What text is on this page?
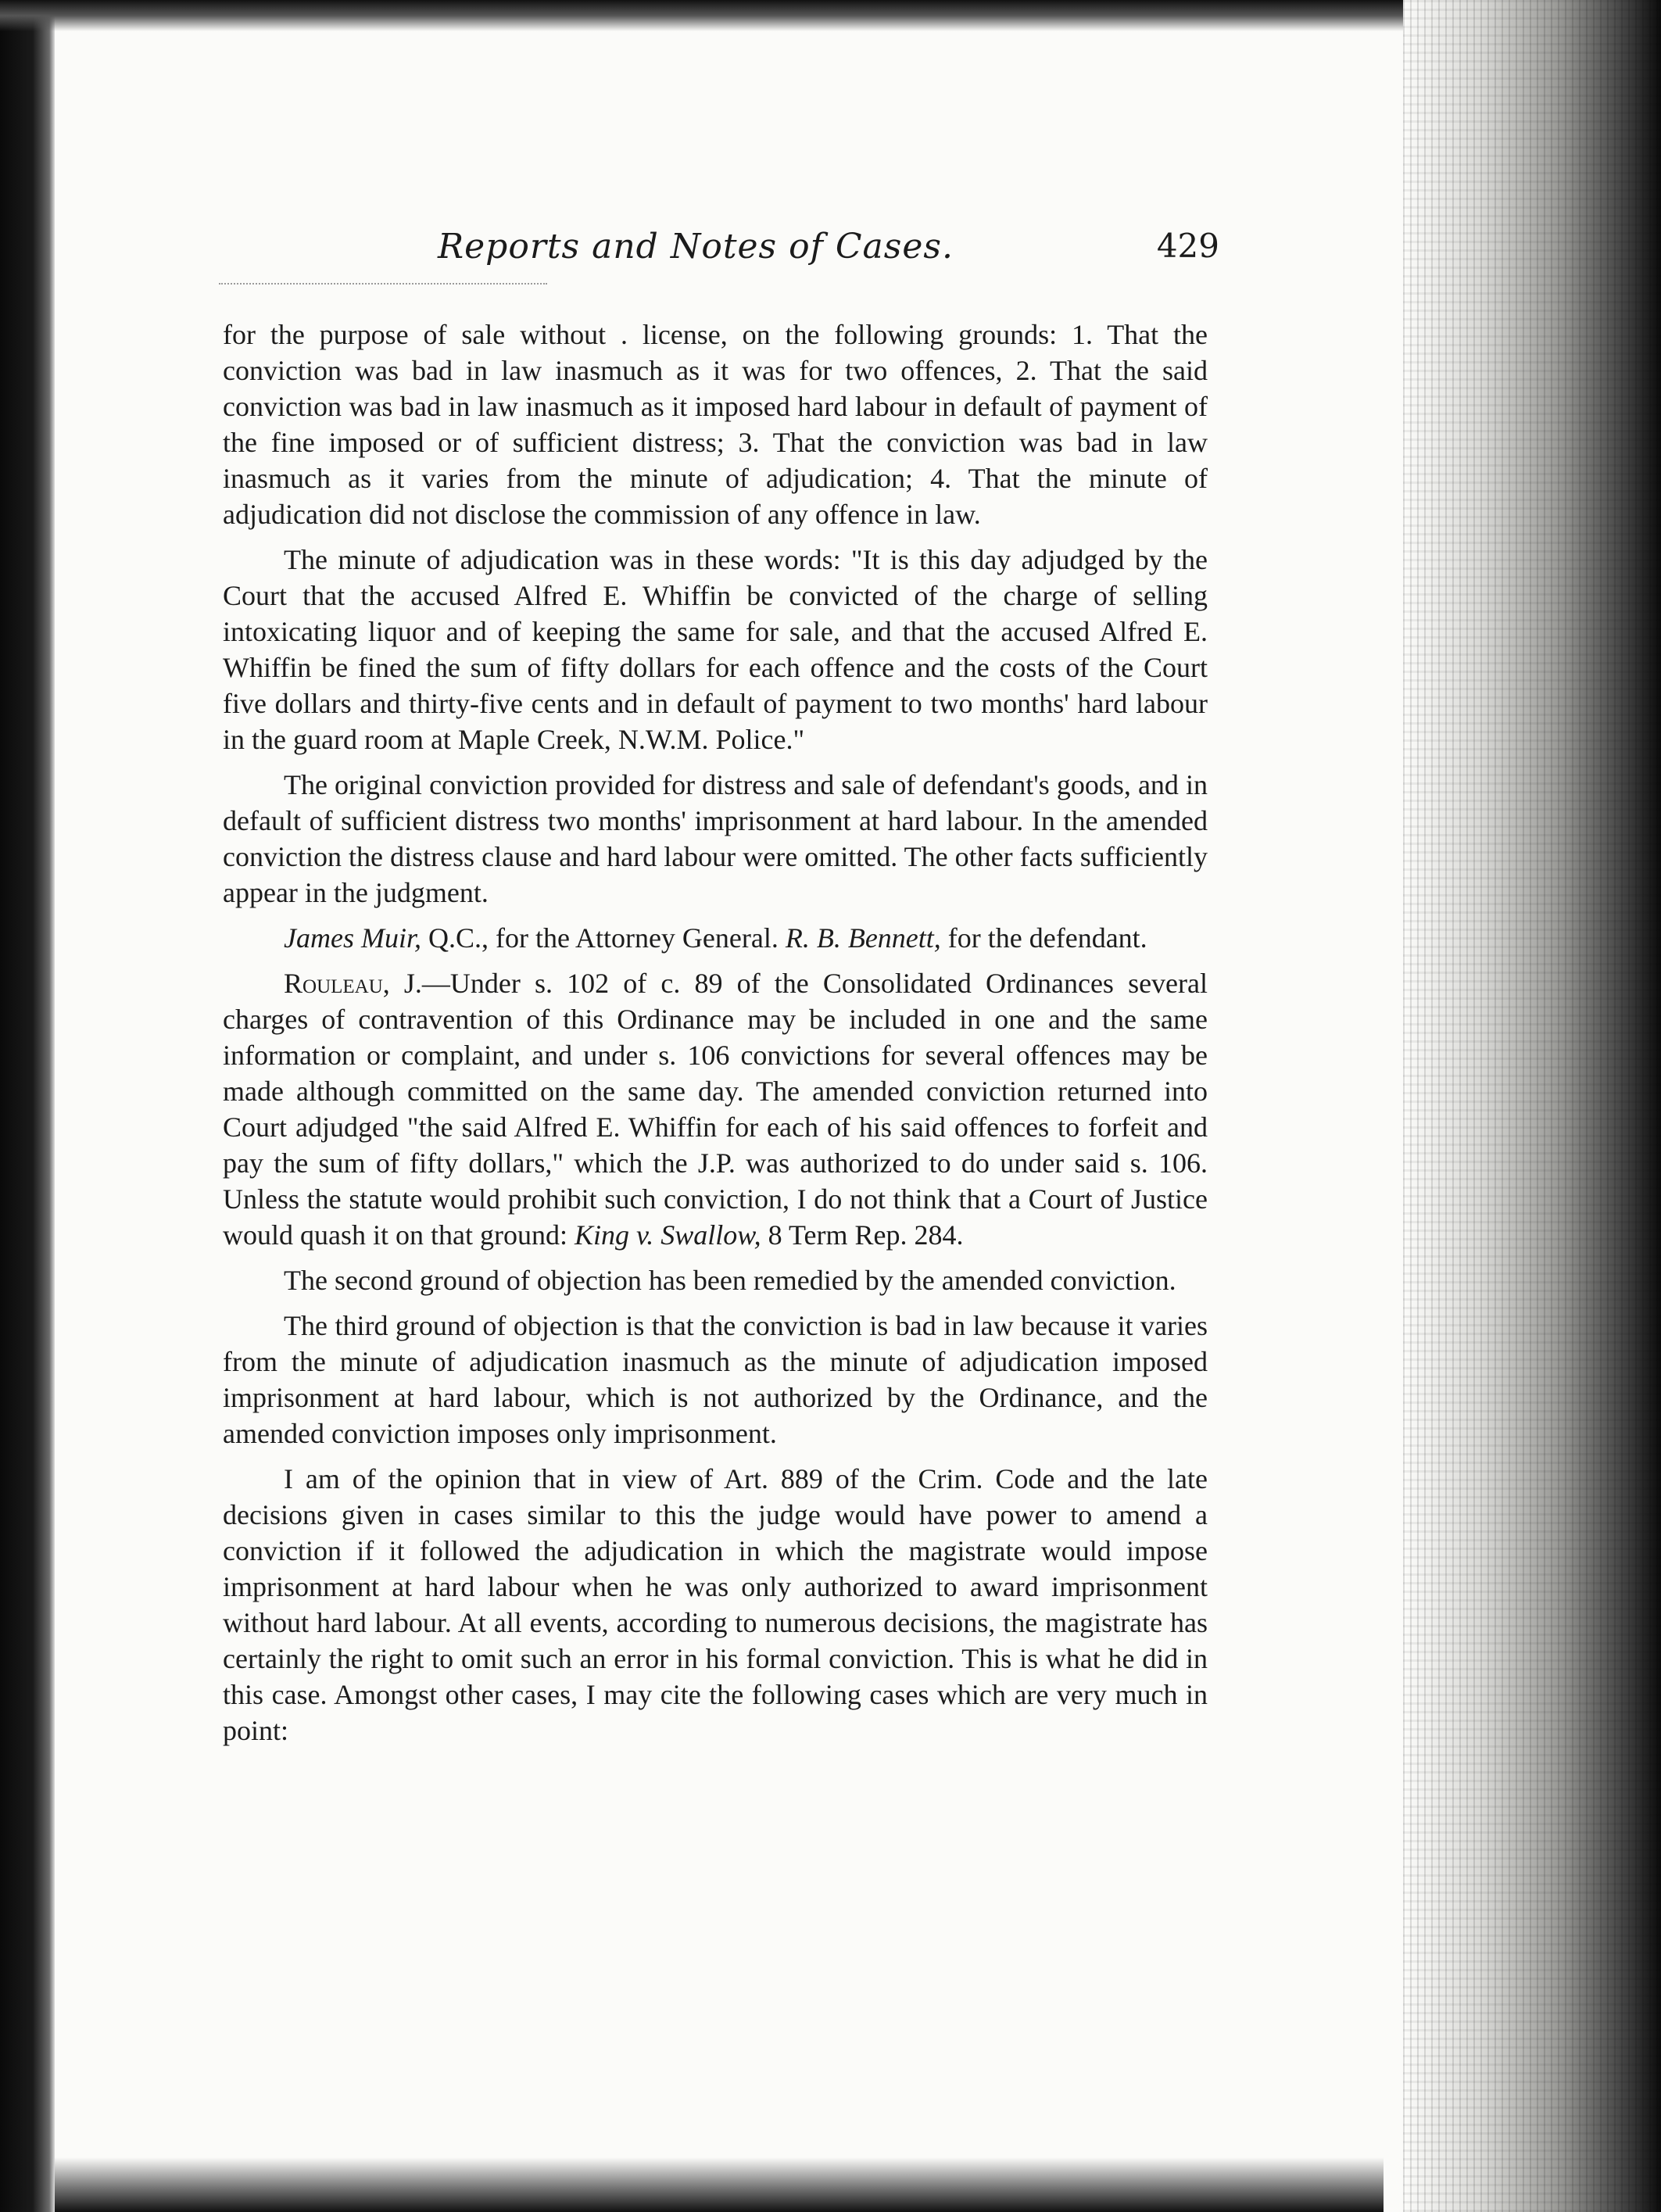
Reports and Notes of Cases.	429

for the purpose of sale without . license, on the following grounds: 1. That the conviction was bad in law inasmuch as it was for two offences, 2. That the said conviction was bad in law inasmuch as it imposed hard labour in default of payment of the fine imposed or of sufficient distress; 3. That the conviction was bad in law inasmuch as it varies from the minute of adjudication; 4. That the minute of adjudication did not disclose the commission of any offence in law.

The minute of adjudication was in these words: "It is this day adjudged by the Court that the accused Alfred E. Whiffin be convicted of the charge of selling intoxicating liquor and of keeping the same for sale, and that the accused Alfred E. Whiffin be fined the sum of fifty dollars for each offence and the costs of the Court five dollars and thirty-five cents and in default of payment to two months' hard labour in the guard room at Maple Creek, N.W.M. Police."

The original conviction provided for distress and sale of defendant's goods, and in default of sufficient distress two months' imprisonment at hard labour. In the amended conviction the distress clause and hard labour were omitted. The other facts sufficiently appear in the judgment.

James Muir, Q.C., for the Attorney General. R. B. Bennett, for the defendant.

Rouleau, J.—Under s. 102 of c. 89 of the Consolidated Ordinances several charges of contravention of this Ordinance may be included in one and the same information or complaint, and under s. 106 convictions for several offences may be made although committed on the same day. The amended conviction returned into Court adjudged "the said Alfred E. Whiffin for each of his said offences to forfeit and pay the sum of fifty dollars," which the J.P. was authorized to do under said s. 106. Unless the statute would prohibit such conviction, I do not think that a Court of Justice would quash it on that ground: King v. Swallow, 8 Term Rep. 284.

The second ground of objection has been remedied by the amended conviction.

The third ground of objection is that the conviction is bad in law because it varies from the minute of adjudication inasmuch as the minute of adjudication imposed imprisonment at hard labour, which is not authorized by the Ordinance, and the amended conviction imposes only imprisonment.

I am of the opinion that in view of Art. 889 of the Crim. Code and the late decisions given in cases similar to this the judge would have power to amend a conviction if it followed the adjudication in which the magistrate would impose imprisonment at hard labour when he was only authorized to award imprisonment without hard labour. At all events, according to numerous decisions, the magistrate has certainly the right to omit such an error in his formal conviction. This is what he did in this case. Amongst other cases, I may cite the following cases which are very much in point:
